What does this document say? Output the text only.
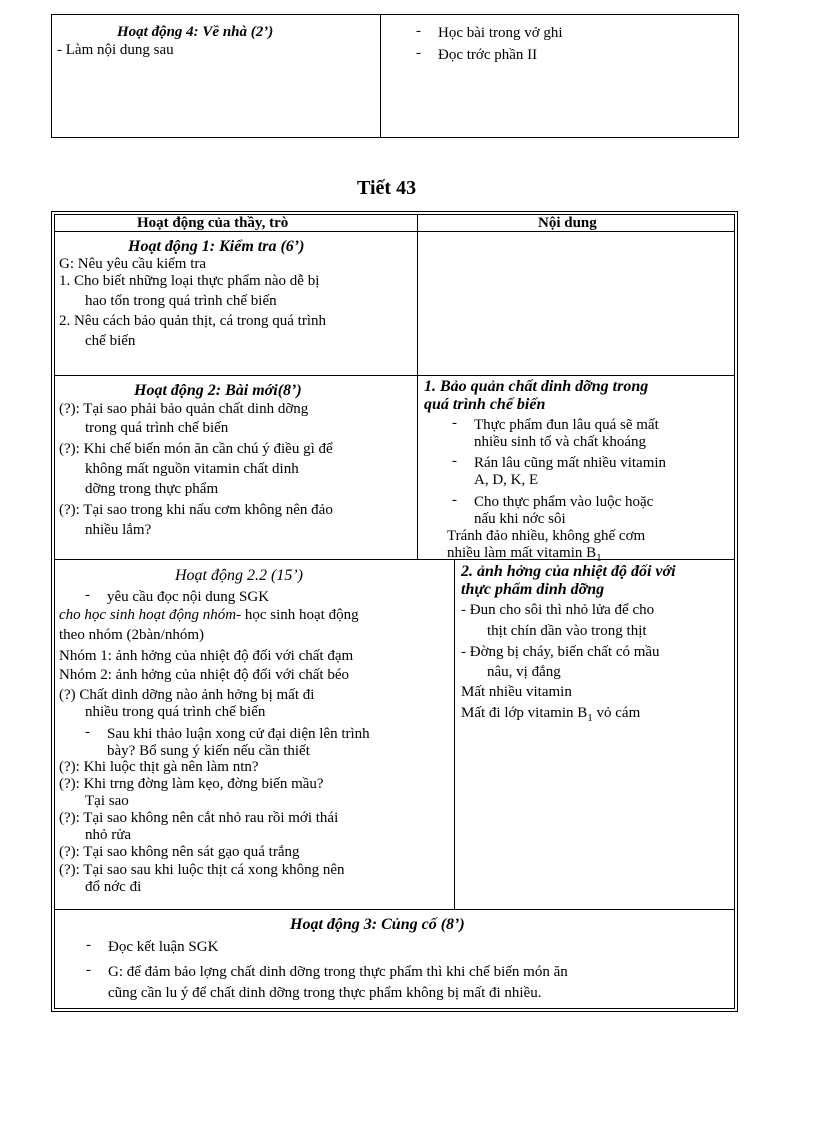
Hoạt động 4: Về nhà (2’)
- Làm nội dung sau
- Học bài trong vở ghi
- Đọc trớc phần II
Tiết 43
Hoạt động của thầy, trò	Nội dung
Hoạt động 1: Kiểm tra (6’)
G: Nêu yêu cầu kiểm tra
1. Cho biết những loại thực phẩm nào dễ bị
hao tổn trong quá trình chế biến
2. Nêu cách bảo quản thịt, cá trong quá trình
chế biến
Hoạt động 2: Bài mới(8’)
(?): Tại sao phải bảo quản chất dinh dỡng
trong quá trình chế biến
(?): Khi chế biến món ăn cần chú ý điều gì để
không mất nguồn vitamin chất dinh
dỡng trong thực phẩm
(?): Tại sao trong khi nấu cơm không nên đảo
nhiều lắm?
1. Bảo quản chất dinh dỡng trong
quá trình chế biến
- Thực phẩm đun lâu quá sẽ mất
nhiều sinh tố và chất khoáng
- Rán lâu cũng mất nhiều vitamin
A, D, K, E
- Cho thực phẩm vào luộc hoặc
nấu khi nớc sôi
Tránh đảo nhiều, không ghế cơm
nhiều làm mất vitamin $B_1$
Hoạt động 2.2 (15’)
- yêu cầu đọc nội dung SGK
cho học sinh hoạt động nhóm- học sinh hoạt động
theo nhóm (2bàn/nhóm)
Nhóm 1: ảnh hởng của nhiệt độ đối với chất đạm
Nhóm 2: ảnh hởng của nhiệt độ đối với chất béo
(?) Chất dinh dỡng nào ảnh hởng bị mất đi
nhiều trong quá trình chế biến
- Sau khi thảo luận xong cử đại diện lên trình
bày? Bổ sung ý kiến nếu cần thiết
(?): Khi luộc thịt gà nên làm ntn?
(?): Khi trng đờng làm kẹo, đờng biến mầu?
Tại sao
(?): Tại sao không nên cắt nhỏ rau rồi mới thái
nhỏ rửa
(?): Tại sao không nên sát gạo quá trắng
(?): Tại sao sau khi luộc thịt cá xong không nên
đổ nớc đi
2. ảnh hởng của nhiệt độ đối với
thực phẩm dinh dỡng
- Đun cho sôi thì nhỏ lửa để cho
thịt chín dần vào trong thịt
- Đờng bị cháy, biến chất có mầu
nâu, vị đắng
Mất nhiều vitamin
Mất đi lớp vitamin $B_1$ vỏ cám
Hoạt động 3: Củng cố (8’)
- Đọc kết luận SGK
- G: để đảm bảo lợng chất dinh dỡng trong thực phẩm thì khi chế biến món ăn
cũng cần lu ý để chất dinh dỡng trong thực phẩm không bị mất đi nhiều.
